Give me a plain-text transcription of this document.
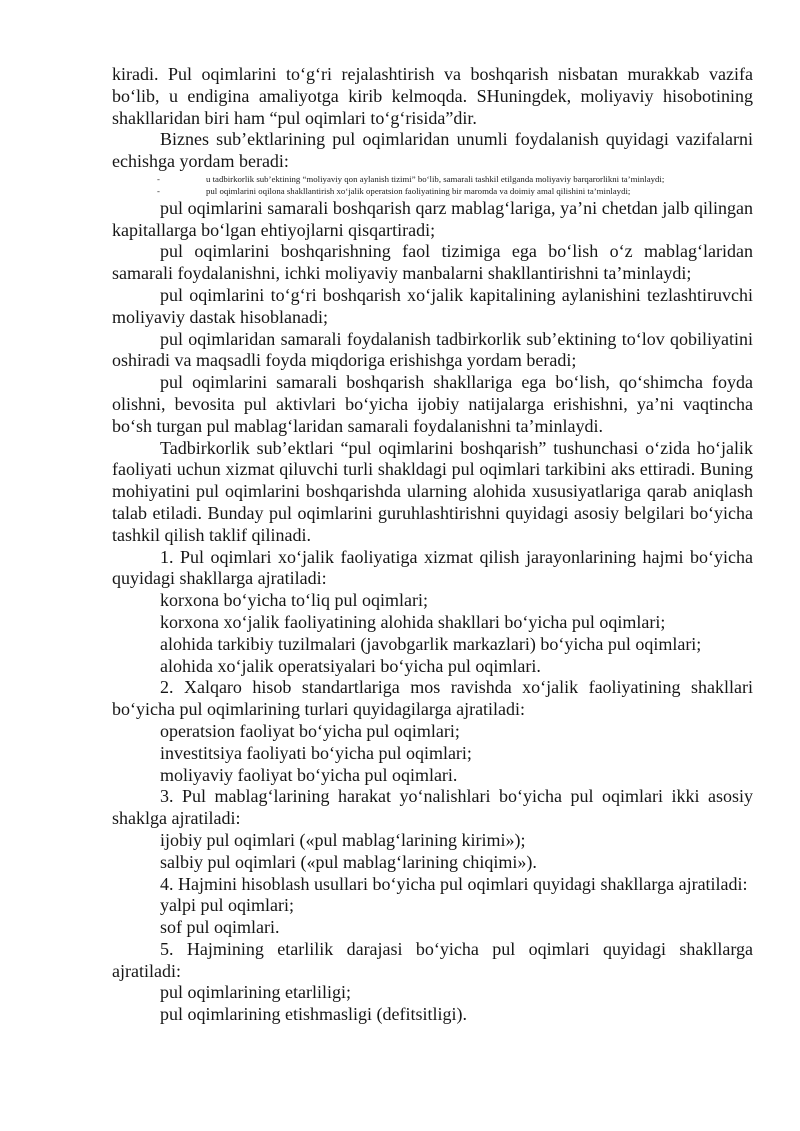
kiradi. Pul oqimlarini to‘g‘ri rejalashtirish va boshqarish nisbatan murakkab vazifa bo‘lib, u endigina amaliyotga kirib kelmoqda. SHuningdek, moliyaviy hisobotining shakllaridan biri ham “pul oqimlari to‘g‘risida”dir.

Biznes sub’ektlarining pul oqimlaridan unumli foydalanish quyidagi vazifalarni echishga yordam beradi:

-	u tadbirkorlik sub’ektining “moliyaviy qon aylanish tizimi” bo‘lib, samarali tashkil etilganda moliyaviy barqarorlikni ta’minlaydi;
-	pul oqimlarini oqilona shakllantirish xo‘jalik operatsion faoliyatining bir maromda va doimiy amal qilishini ta’minlaydi;

pul oqimlarini samarali boshqarish qarz mablag‘lariga, ya’ni chetdan jalb qilingan kapitallarga bo‘lgan ehtiyojlarni qisqartiradi;

pul oqimlarini boshqarishning faol tizimiga ega bo‘lish o‘z mablag‘laridan samarali foydalanishni, ichki moliyaviy manbalarni shakllantirishni ta’minlaydi;

pul oqimlarini to‘g‘ri boshqarish xo‘jalik kapitalining aylanishini tezlashtiruvchi moliyaviy dastak hisoblanadi;

pul oqimlaridan samarali foydalanish tadbirkorlik sub’ektining to‘lov qobiliyatini oshiradi va maqsadli foyda miqdoriga erishishga yordam beradi;

pul oqimlarini samarali boshqarish shakllariga ega bo‘lish, qo‘shimcha foyda olishni, bevosita pul aktivlari bo‘yicha ijobiy natijalarga erishishni, ya’ni vaqtincha bo‘sh turgan pul mablag‘laridan samarali foydalanishni ta’minlaydi.

Tadbirkorlik sub’ektlari “pul oqimlarini boshqarish” tushunchasi o‘zida ho‘jalik faoliyati uchun xizmat qiluvchi turli shakldagi pul oqimlari tarkibini aks ettiradi. Buning mohiyatini pul oqimlarini boshqarishda ularning alohida xususiyatlariga qarab aniqlash talab etiladi. Bunday pul oqimlarini guruhlashtirishni quyidagi asosiy belgilari bo‘yicha tashkil qilish taklif qilinadi.

1. Pul oqimlari xo‘jalik faoliyatiga xizmat qilish jarayonlarining hajmi bo‘yicha quyidagi shakllarga ajratiladi:

korxona bo‘yicha to‘liq pul oqimlari;

korxona xo‘jalik faoliyatining alohida shakllari bo‘yicha pul oqimlari;

alohida tarkibiy tuzilmalari (javobgarlik markazlari) bo‘yicha pul oqimlari;

alohida xo‘jalik operatsiyalari bo‘yicha pul oqimlari.

2. Xalqaro hisob standartlariga mos ravishda xo‘jalik faoliyatining shakllari bo‘yicha pul oqimlarining turlari quyidagilarga ajratiladi:

operatsion faoliyat bo‘yicha pul oqimlari;

investitsiya faoliyati bo‘yicha pul oqimlari;

moliyaviy faoliyat bo‘yicha pul oqimlari.

3. Pul mablag‘larining harakat yo‘nalishlari bo‘yicha pul oqimlari ikki asosiy shaklga ajratiladi:

ijobiy pul oqimlari («pul mablag‘larining kirimi»);

salbiy pul oqimlari («pul mablag‘larining chiqimi»).

4. Hajmini hisoblash usullari bo‘yicha pul oqimlari quyidagi shakllarga ajratiladi:

yalpi pul oqimlari;

sof pul oqimlari.

5. Hajmining etarlilik darajasi bo‘yicha pul oqimlari quyidagi shakllarga ajratiladi:

pul oqimlarining etarliligi;

pul oqimlarining etishmasligi (defitsitligi).
